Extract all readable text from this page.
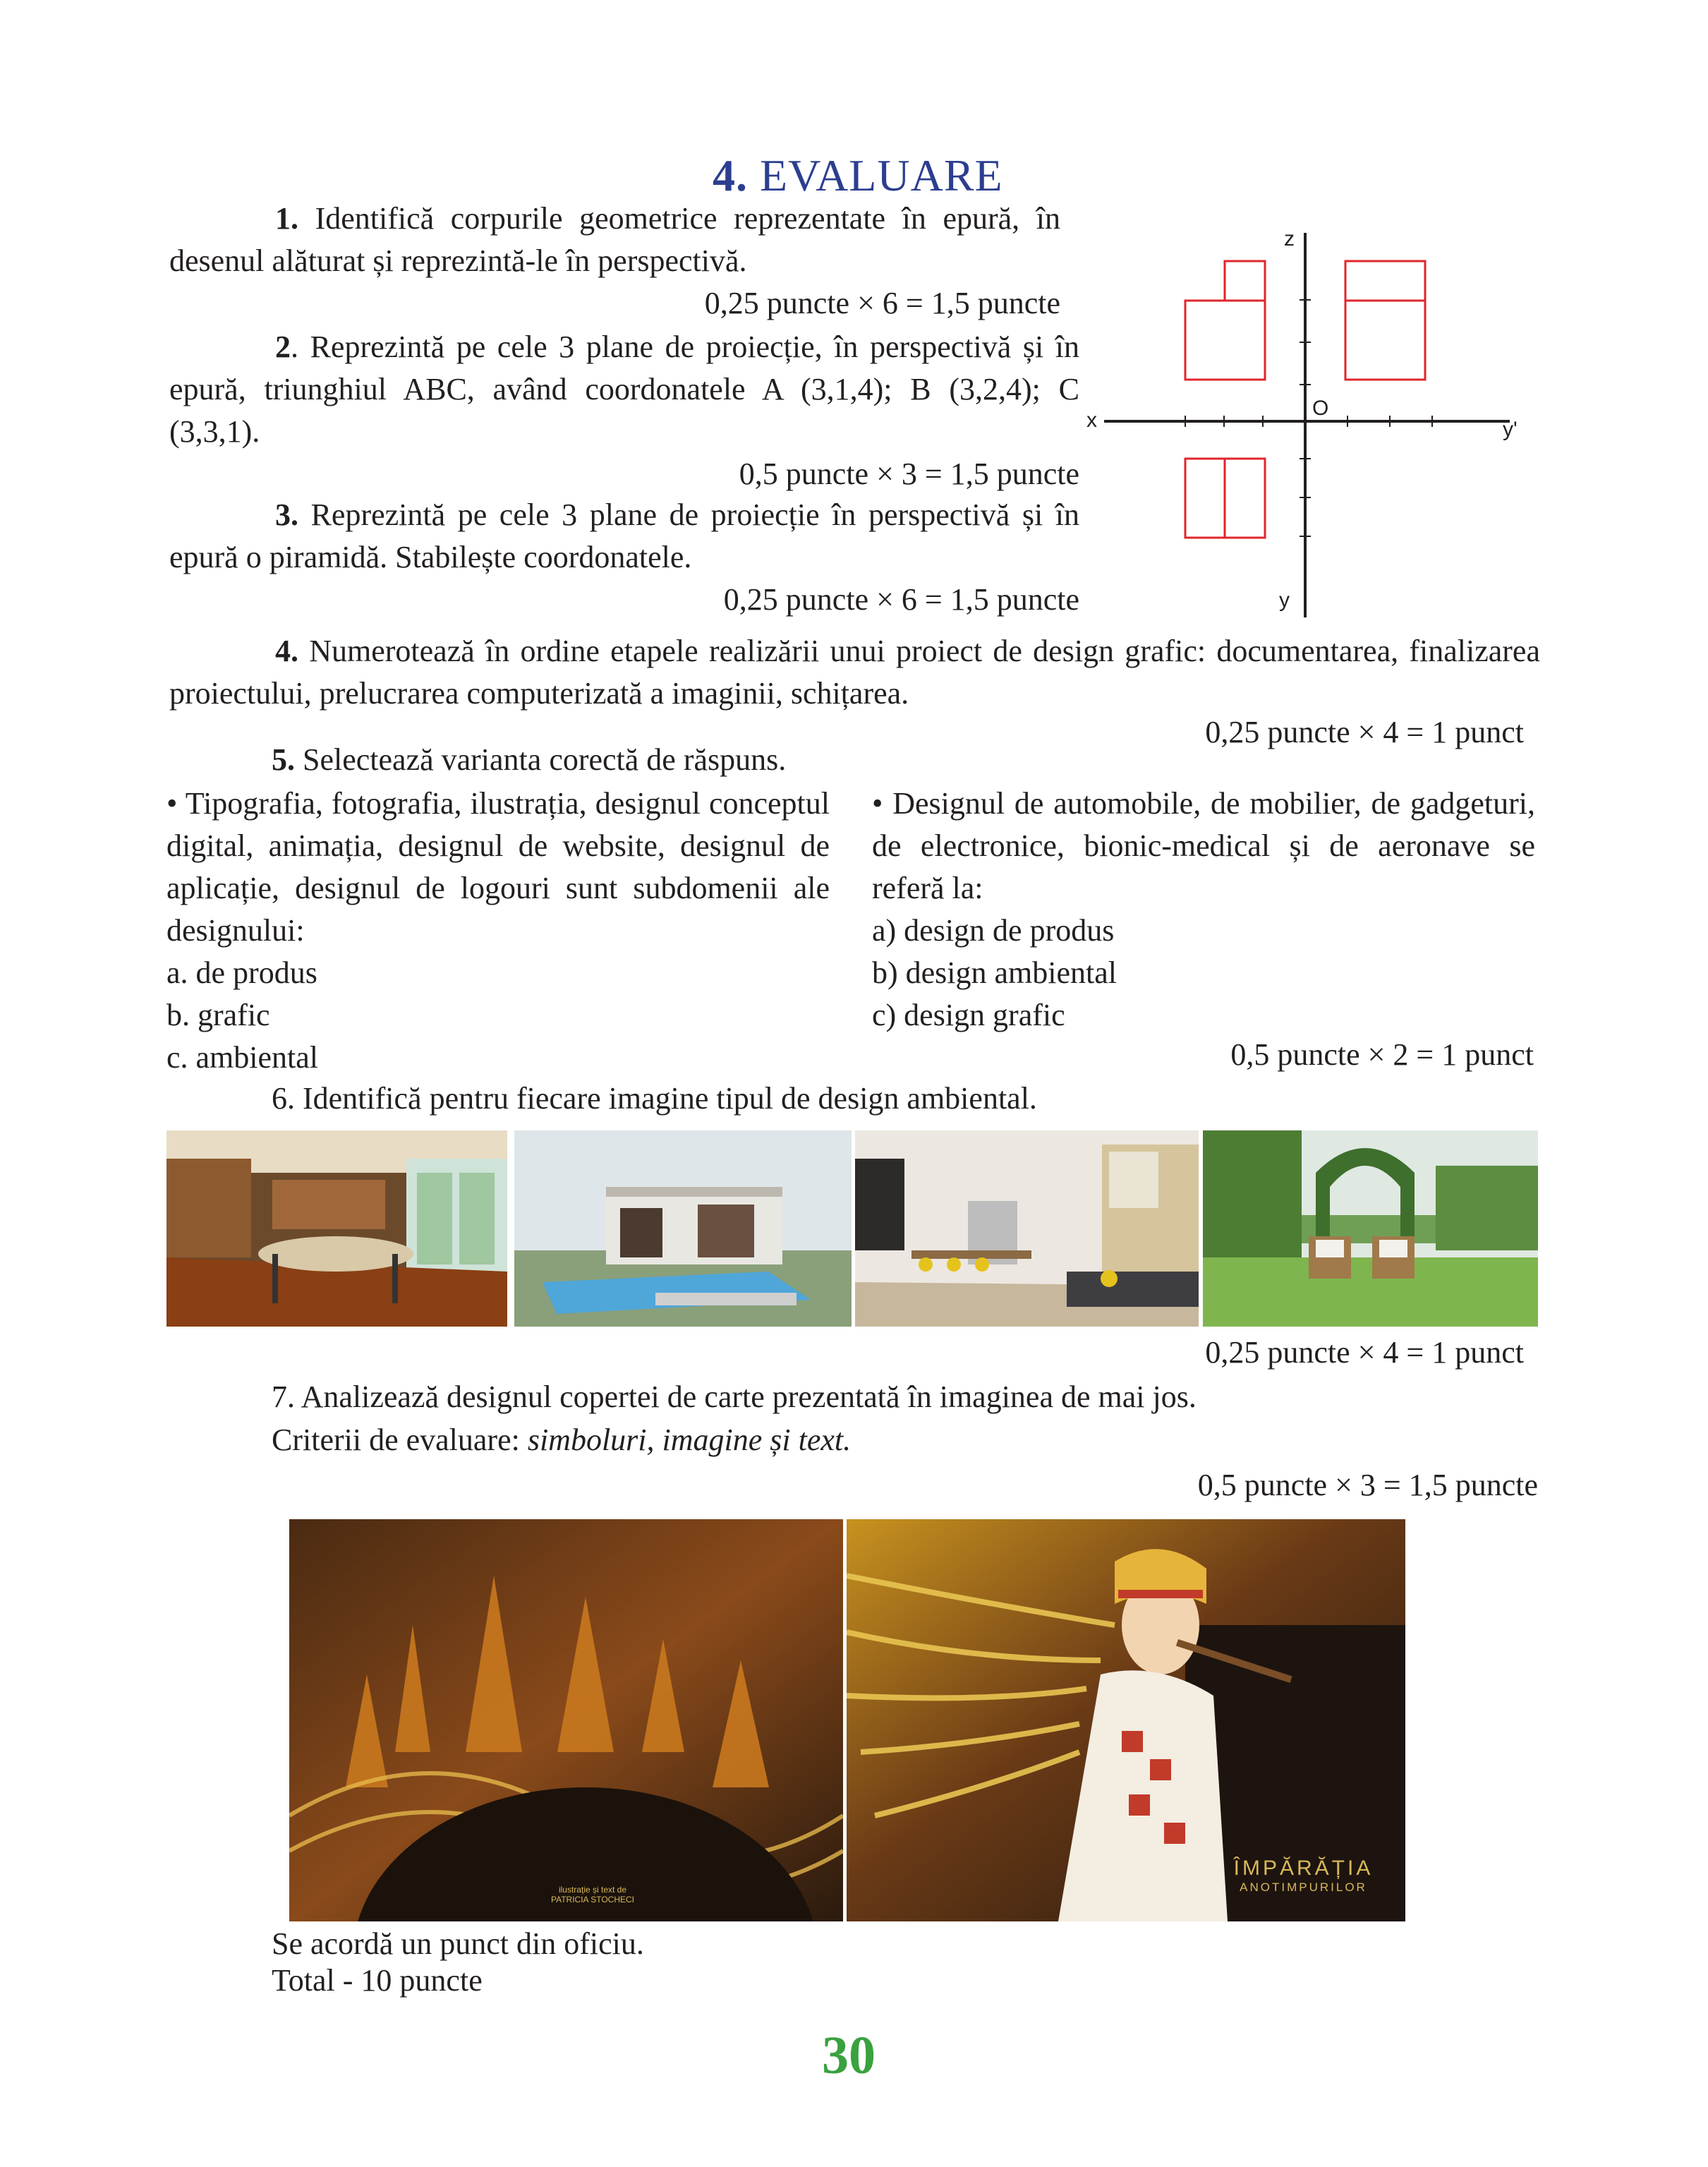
4. EVALUARE

1. Identifică corpurile geometrice reprezentate în epură, în desenul alăturat și reprezintă-le în perspectivă.

0,25 puncte × 6 = 1,5 puncte

2. Reprezintă pe cele 3 plane de proiecție, în perspectivă și în epură, triunghiul ABC, având coordonatele A (3,1,4); B (3,2,4); C (3,3,1).

0,5 puncte × 3 = 1,5 puncte

3. Reprezintă pe cele 3 plane de proiecție în perspectivă și în epură o piramidă. Stabilește coordonatele.

0,25 puncte × 6 = 1,5 puncte

z
x
O
y'
y

4. Numerotează în ordine etapele realizării unui proiect de design grafic: documentarea, finalizarea proiectului, prelucrarea computerizată a imaginii, schițarea.

0,25 puncte × 4 = 1 punct

5. Selectează varianta corectă de răspuns.

• Tipografia, fotografia, ilustrația, designul conceptul digital, animația, designul de website, designul de aplicație, designul de logouri sunt subdomenii ale designului:

a. de produs

b. grafic

c. ambiental

• Designul de automobile, de mobilier, de gadgeturi, de electronice, bionic-medical și de aeronave se referă la:

a) design de produs

b) design ambiental

c) design grafic

0,5 puncte × 2 = 1 punct

6. Identifică pentru fiecare imagine tipul de design ambiental.

0,25 puncte × 4 = 1 punct

7. Analizează designul copertei de carte prezentată în imaginea de mai jos.

Criterii de evaluare: simboluri, imagine și text.

0,5 puncte × 3 = 1,5 puncte

ilustrație și text de
PATRICIA STOCHECI
ÎMPĂRĂȚIA
ANOTIMPURILOR

Se acordă un punct din oficiu.

Total - 10 puncte

30
